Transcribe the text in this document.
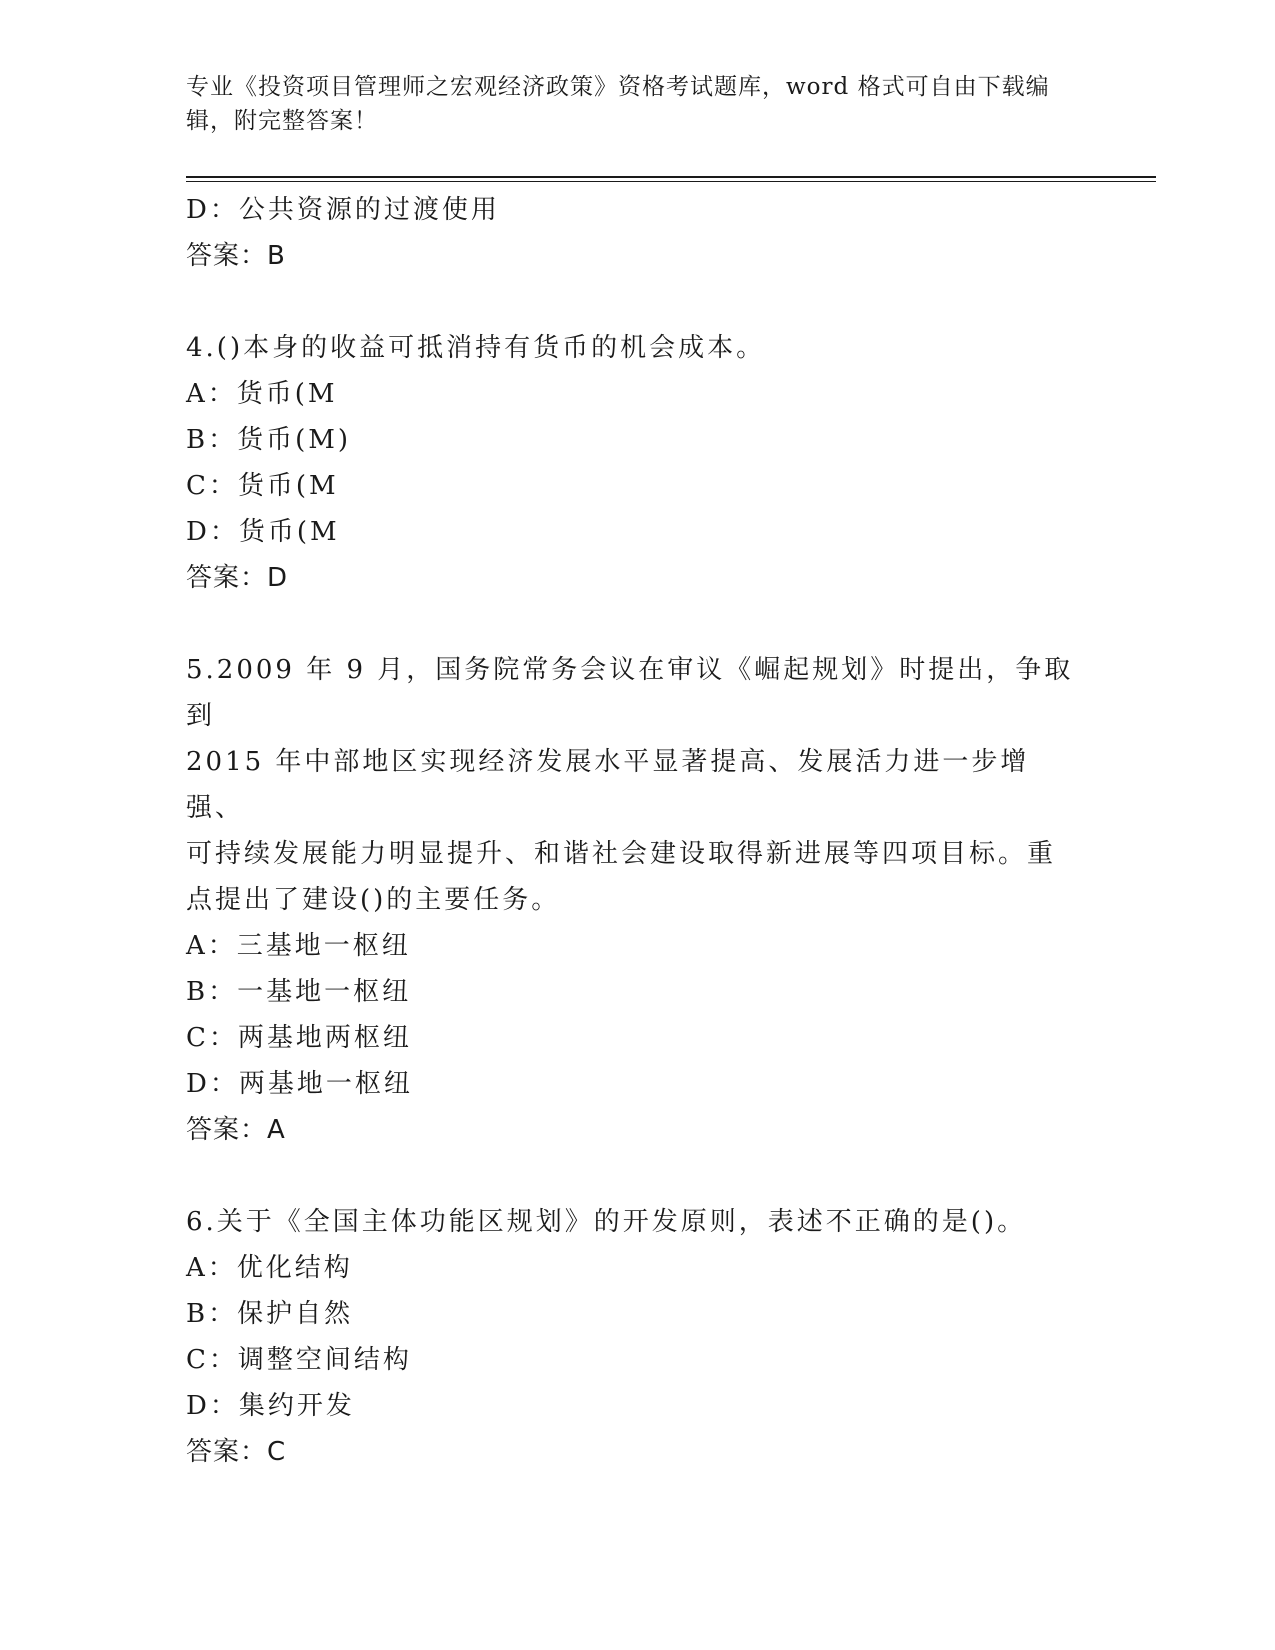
专业《投资项目管理师之宏观经济政策》资格考试题库，word 格式可自由下载编
辑，附完整答案！
D：公共资源的过渡使用
答案：B
4.()本身的收益可抵消持有货币的机会成本。
A：货币(M
B：货币(M)
C：货币(M
D：货币(M
答案：D
5.2009 年 9 月，国务院常务会议在审议《崛起规划》时提出，争取到
2015 年中部地区实现经济发展水平显著提高、发展活力进一步增强、
可持续发展能力明显提升、和谐社会建设取得新进展等四项目标。重
点提出了建设()的主要任务。
A：三基地一枢纽
B：一基地一枢纽
C：两基地两枢纽
D：两基地一枢纽
答案：A
6.关于《全国主体功能区规划》的开发原则，表述不正确的是()。
A：优化结构
B：保护自然
C：调整空间结构
D：集约开发
答案：C
